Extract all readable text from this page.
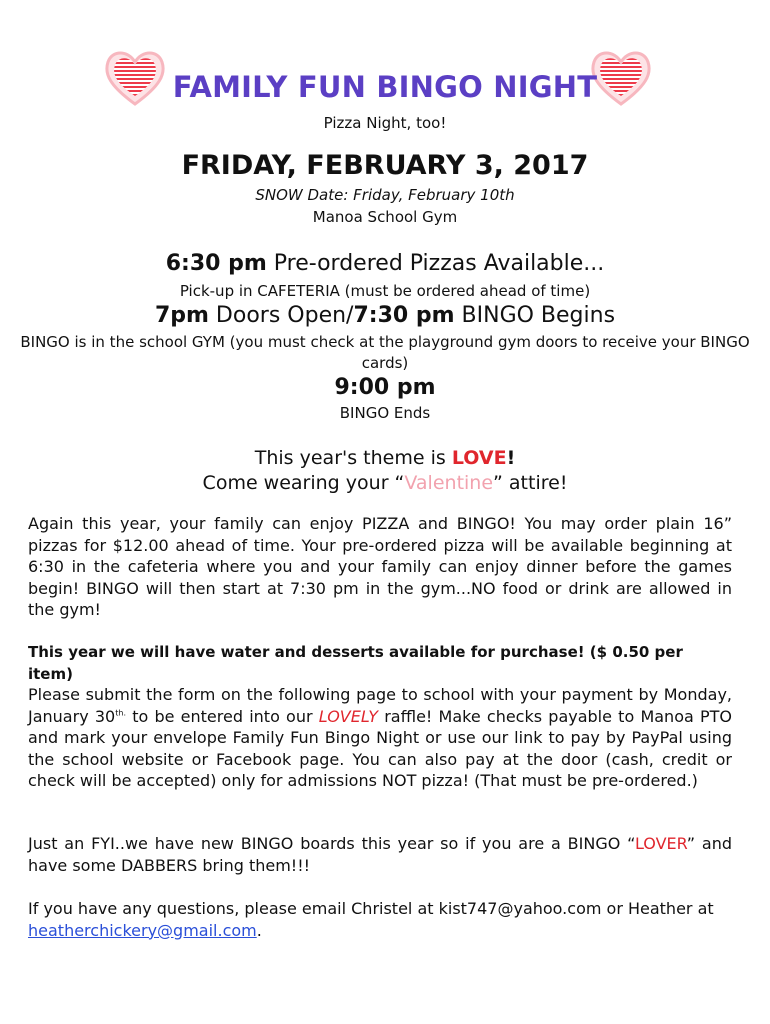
FAMILY FUN BINGO NIGHT
Pizza Night, too!
FRIDAY, FEBRUARY 3, 2017
SNOW Date: Friday, February 10th
Manoa School Gym
6:30 pm Pre-ordered Pizzas Available...
Pick-up in CAFETERIA (must be ordered ahead of time)
7pm Doors Open/7:30 pm BINGO Begins
BINGO is in the school GYM (you must check at the playground gym doors to receive your BINGO cards)
9:00 pm
BINGO Ends
This year's theme is LOVE!
Come wearing your “Valentine” attire!
Again this year, your family can enjoy PIZZA and BINGO! You may order plain 16” pizzas for $12.00 ahead of time. Your pre-ordered pizza will be available beginning at 6:30 in the cafeteria where you and your family can enjoy dinner before the games begin! BINGO will then start at 7:30 pm in the gym...NO food or drink are allowed in the gym!
This year we will have water and desserts available for purchase! ($ 0.50 per item)
Please submit the form on the following page to school with your payment by Monday, January $30^{th.}$ to be entered into our LOVELY raffle! Make checks payable to Manoa PTO and mark your envelope Family Fun Bingo Night or use our link to pay by PayPal using the school website or Facebook page. You can also pay at the door (cash, credit or check will be accepted) only for admissions NOT pizza! (That must be pre-ordered.)
Just an FYI..we have new BINGO boards this year so if you are a BINGO “LOVER” and have some DABBERS bring them!!!
If you have any questions, please email Christel at kist747@yahoo.com or Heather at heatherchickery@gmail.com.
